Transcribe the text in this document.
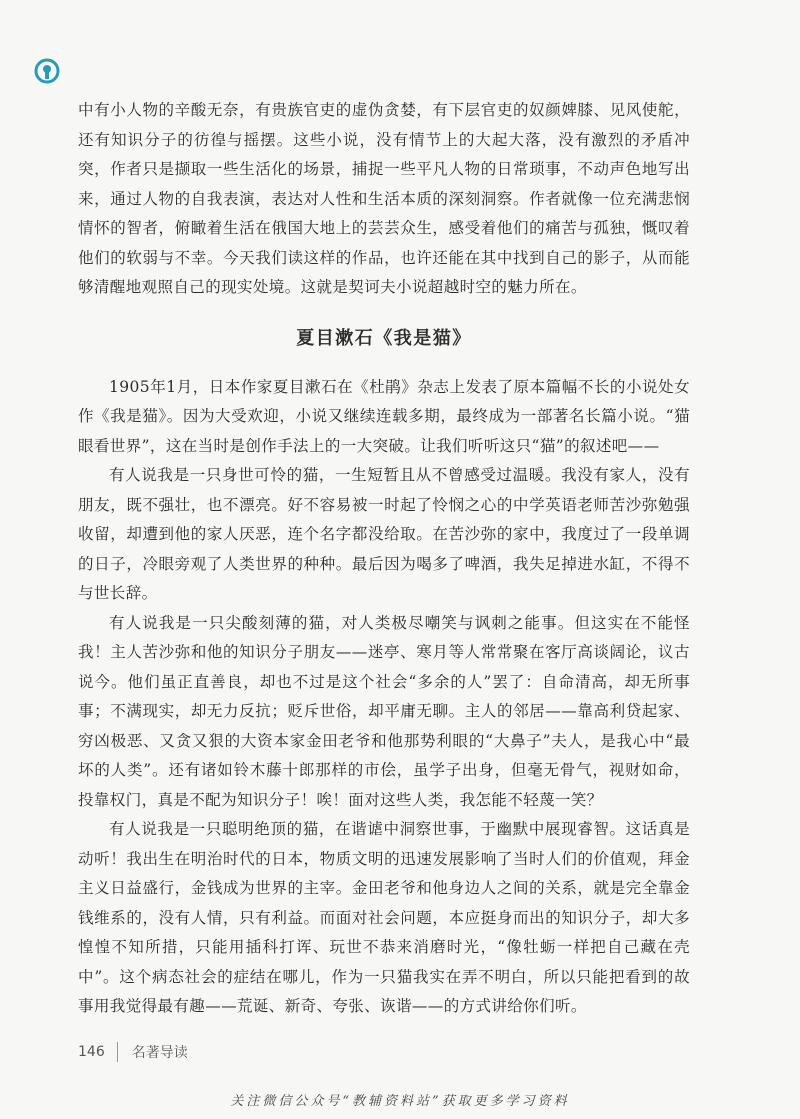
中有小人物的辛酸无奈，有贵族官吏的虚伪贪婪，有下层官吏的奴颜婢膝、见风使舵，还有知识分子的彷徨与摇摆。这些小说，没有情节上的大起大落，没有激烈的矛盾冲突，作者只是撷取一些生活化的场景，捕捉一些平凡人物的日常琐事，不动声色地写出来，通过人物的自我表演，表达对人性和生活本质的深刻洞察。作者就像一位充满悲悯情怀的智者，俯瞰着生活在俄国大地上的芸芸众生，感受着他们的痛苦与孤独，慨叹着他们的软弱与不幸。今天我们读这样的作品，也许还能在其中找到自己的影子，从而能够清醒地观照自己的现实处境。这就是契诃夫小说超越时空的魅力所在。

夏目漱石《我是猫》

1905年1月，日本作家夏目漱石在《杜鹃》杂志上发表了原本篇幅不长的小说处女作《我是猫》。因为大受欢迎，小说又继续连载多期，最终成为一部著名长篇小说。“猫眼看世界”，这在当时是创作手法上的一大突破。让我们听听这只“猫”的叙述吧——

有人说我是一只身世可怜的猫，一生短暂且从不曾感受过温暖。我没有家人，没有朋友，既不强壮，也不漂亮。好不容易被一时起了怜悯之心的中学英语老师苦沙弥勉强收留，却遭到他的家人厌恶，连个名字都没给取。在苦沙弥的家中，我度过了一段单调的日子，冷眼旁观了人类世界的种种。最后因为喝多了啤酒，我失足掉进水缸，不得不与世长辞。

有人说我是一只尖酸刻薄的猫，对人类极尽嘲笑与讽刺之能事。但这实在不能怪我！主人苦沙弥和他的知识分子朋友——迷亭、寒月等人常常聚在客厅高谈阔论，议古说今。他们虽正直善良，却也不过是这个社会“多余的人”罢了：自命清高，却无所事事；不满现实，却无力反抗；贬斥世俗，却平庸无聊。主人的邻居——靠高利贷起家、穷凶极恶、又贪又狠的大资本家金田老爷和他那势利眼的“大鼻子”夫人，是我心中“最坏的人类”。还有诸如铃木藤十郎那样的市侩，虽学子出身，但毫无骨气，视财如命，投靠权门，真是不配为知识分子！唉！面对这些人类，我怎能不轻蔑一笑？

有人说我是一只聪明绝顶的猫，在谐谑中洞察世事，于幽默中展现睿智。这话真是动听！我出生在明治时代的日本，物质文明的迅速发展影响了当时人们的价值观，拜金主义日益盛行，金钱成为世界的主宰。金田老爷和他身边人之间的关系，就是完全靠金钱维系的，没有人情，只有利益。而面对社会问题，本应挺身而出的知识分子，却大多惶惶不知所措，只能用插科打诨、玩世不恭来消磨时光，“像牡蛎一样把自己藏在壳中”。这个病态社会的症结在哪儿，作为一只猫我实在弄不明白，所以只能把看到的故事用我觉得最有趣——荒诞、新奇、夸张、诙谐——的方式讲给你们听。

146 名著导读
关注微信公众号“教辅资料站”获取更多学习资料
